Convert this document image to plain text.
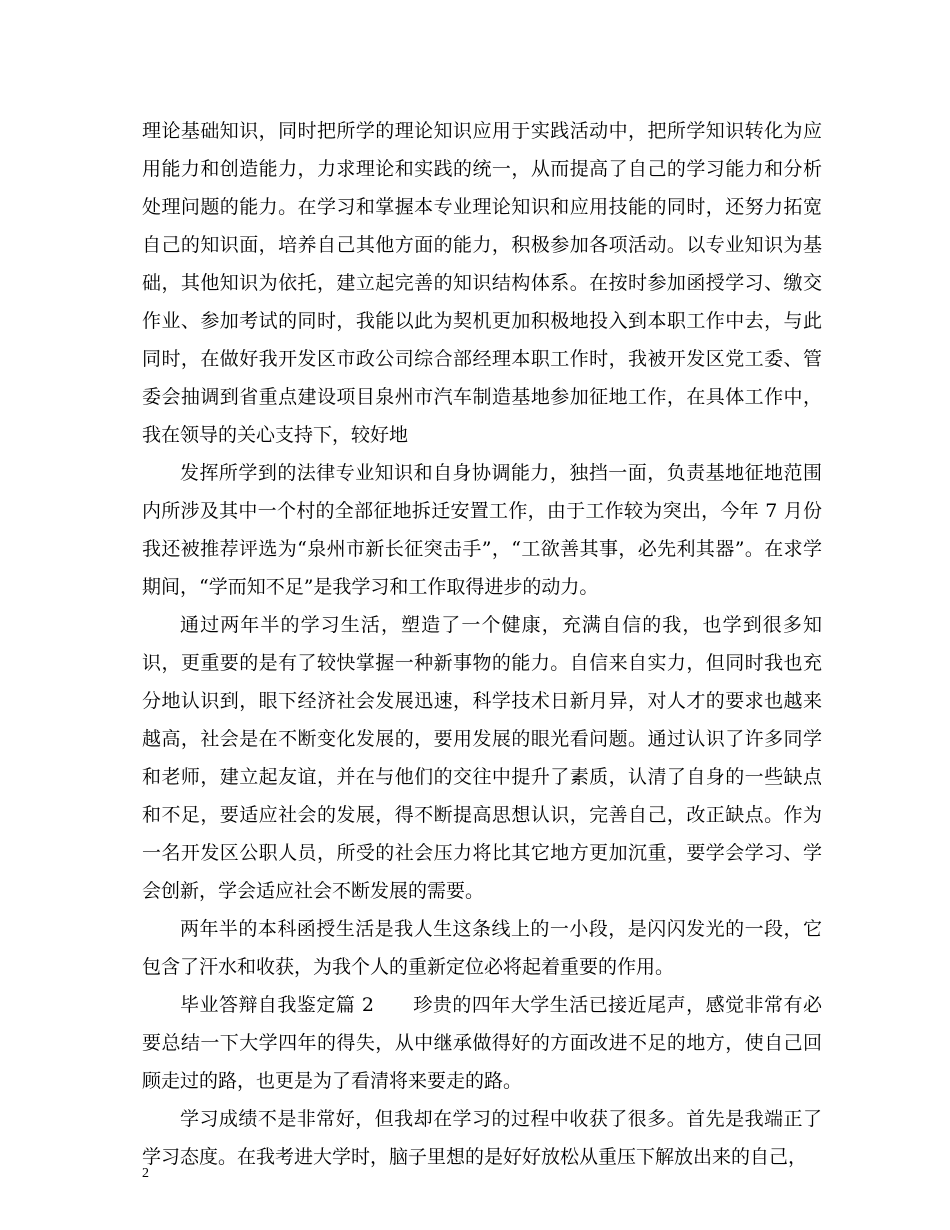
理论基础知识，同时把所学的理论知识应用于实践活动中，把所学知识转化为应用能力和创造能力，力求理论和实践的统一，从而提高了自己的学习能力和分析处理问题的能力。在学习和掌握本专业理论知识和应用技能的同时，还努力拓宽自己的知识面，培养自己其他方面的能力，积极参加各项活动。以专业知识为基础，其他知识为依托，建立起完善的知识结构体系。在按时参加函授学习、缴交作业、参加考试的同时，我能以此为契机更加积极地投入到本职工作中去，与此同时，在做好我开发区市政公司综合部经理本职工作时，我被开发区党工委、管委会抽调到省重点建设项目泉州市汽车制造基地参加征地工作，在具体工作中，我在领导的关心支持下，较好地

发挥所学到的法律专业知识和自身协调能力，独挡一面，负责基地征地范围内所涉及其中一个村的全部征地拆迁安置工作，由于工作较为突出，今年 7 月份我还被推荐评选为“泉州市新长征突击手”，“工欲善其事，必先利其器”。在求学期间，“学而知不足”是我学习和工作取得进步的动力。

通过两年半的学习生活，塑造了一个健康，充满自信的我，也学到很多知识，更重要的是有了较快掌握一种新事物的能力。自信来自实力，但同时我也充分地认识到，眼下经济社会发展迅速，科学技术日新月异，对人才的要求也越来越高，社会是在不断变化发展的，要用发展的眼光看问题。通过认识了许多同学和老师，建立起友谊，并在与他们的交往中提升了素质，认清了自身的一些缺点和不足，要适应社会的发展，得不断提高思想认识，完善自己，改正缺点。作为一名开发区公职人员，所受的社会压力将比其它地方更加沉重，要学会学习、学会创新，学会适应社会不断发展的需要。

两年半的本科函授生活是我人生这条线上的一小段，是闪闪发光的一段，它包含了汗水和收获，为我个人的重新定位必将起着重要的作用。

毕业答辩自我鉴定篇 2　　珍贵的四年大学生活已接近尾声，感觉非常有必要总结一下大学四年的得失，从中继承做得好的方面改进不足的地方，使自己回顾走过的路，也更是为了看清将来要走的路。

学习成绩不是非常好，但我却在学习的过程中收获了很多。首先是我端正了学习态度。在我考进大学时，脑子里想的是好好放松从重压下解放出来的自己，

2
